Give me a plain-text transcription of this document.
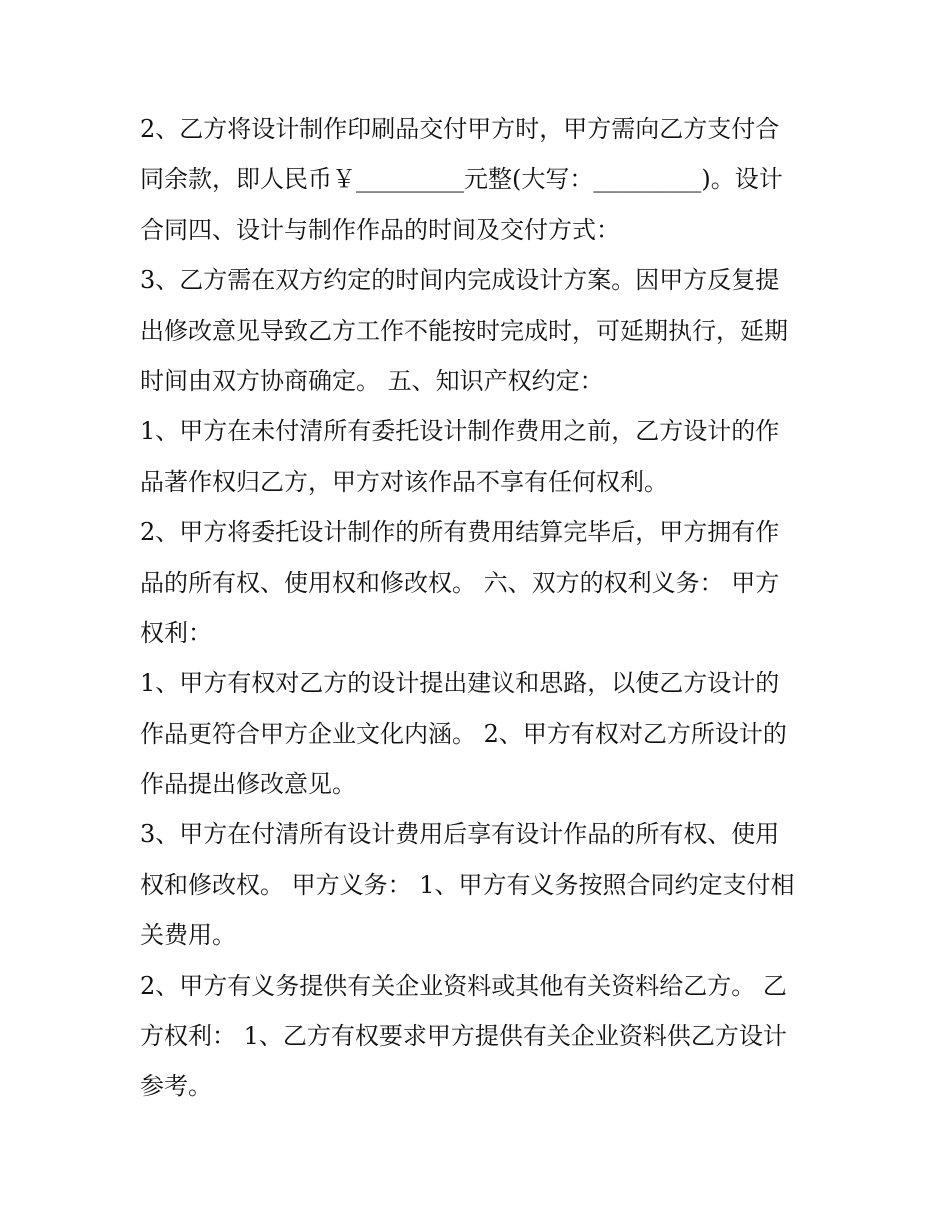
2、乙方将设计制作印刷品交付甲方时，甲方需向乙方支付合
同余款，即人民币￥_________元整(大写：_________)。设计
合同四、设计与制作作品的时间及交付方式：
3、乙方需在双方约定的时间内完成设计方案。因甲方反复提
出修改意见导致乙方工作不能按时完成时，可延期执行，延期
时间由双方协商确定。 五、知识产权约定：
1、甲方在未付清所有委托设计制作费用之前，乙方设计的作
品著作权归乙方，甲方对该作品不享有任何权利。
2、甲方将委托设计制作的所有费用结算完毕后，甲方拥有作
品的所有权、使用权和修改权。 六、双方的权利义务： 甲方
权利：
1、甲方有权对乙方的设计提出建议和思路，以使乙方设计的
作品更符合甲方企业文化内涵。 2、甲方有权对乙方所设计的
作品提出修改意见。
3、甲方在付清所有设计费用后享有设计作品的所有权、使用
权和修改权。 甲方义务： 1、甲方有义务按照合同约定支付相
关费用。
2、甲方有义务提供有关企业资料或其他有关资料给乙方。 乙
方权利： 1、乙方有权要求甲方提供有关企业资料供乙方设计
参考。
